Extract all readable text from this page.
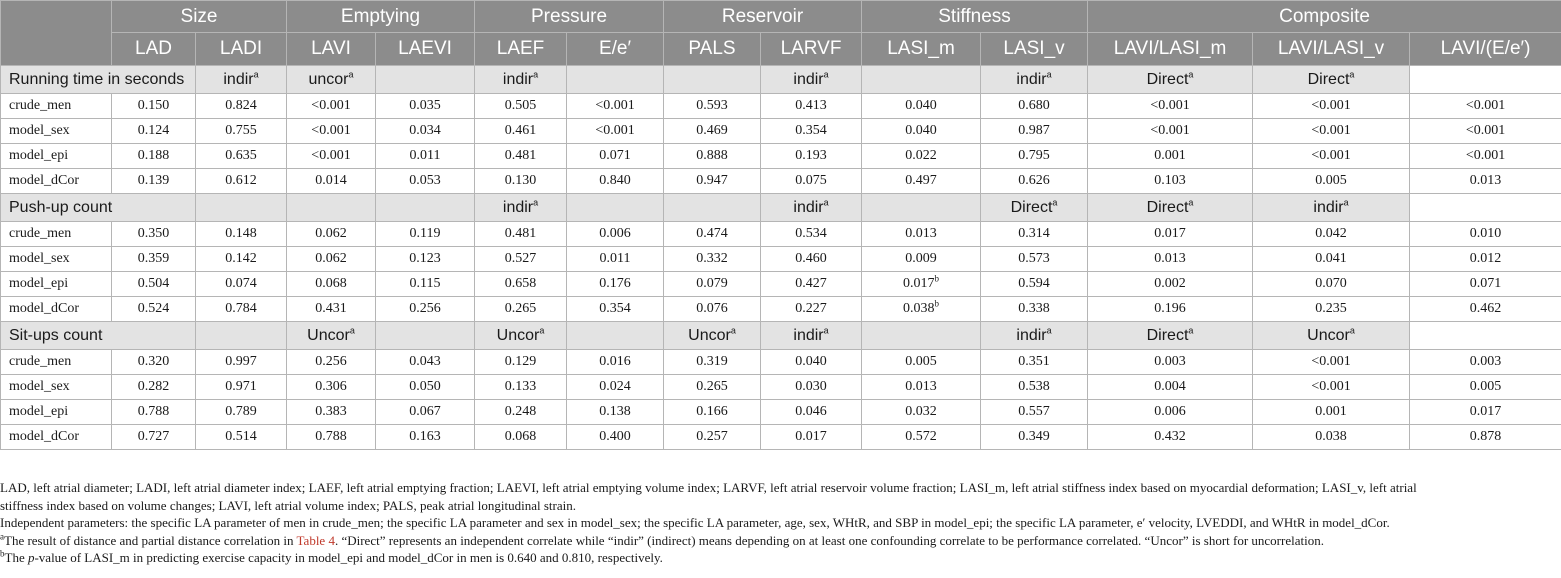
	Size		Emptying		Pressure		Reservoir		Stiffness		Composite		
	LAD	LADI	LAVI	LAEVI	LAEF	E/e′	PALS	LARVF	LASI_m	LASI_v	LAVI/LASI_m	LAVI/LASI_v	LAVI/(E/e′)
Running time in seconds		indir$^a$	uncor$^a$		indir$^a$			indir$^a$		indir$^a$	Direct$^a$	Direct$^a$
crude_men	0.150	0.824	<0.001	0.035	0.505	<0.001	0.593	0.413	0.040	0.680	<0.001	<0.001	<0.001
model_sex	0.124	0.755	<0.001	0.034	0.461	<0.001	0.469	0.354	0.040	0.987	<0.001	<0.001	<0.001
model_epi	0.188	0.635	<0.001	0.011	0.481	0.071	0.888	0.193	0.022	0.795	0.001	<0.001	<0.001
model_dCor	0.139	0.612	0.014	0.053	0.130	0.840	0.947	0.075	0.497	0.626	0.103	0.005	0.013
Push-up count					indir$^a$			indir$^a$		Direct$^a$	Direct$^a$	indir$^a$
crude_men	0.350	0.148	0.062	0.119	0.481	0.006	0.474	0.534	0.013	0.314	0.017	0.042	0.010
model_sex	0.359	0.142	0.062	0.123	0.527	0.011	0.332	0.460	0.009	0.573	0.013	0.041	0.012
model_epi	0.504	0.074	0.068	0.115	0.658	0.176	0.079	0.427	0.017$^b$	0.594	0.002	0.070	0.071
model_dCor	0.524	0.784	0.431	0.256	0.265	0.354	0.076	0.227	0.038$^b$	0.338	0.196	0.235	0.462
Sit-ups count			Uncor$^a$		Uncor$^a$		Uncor$^a$	indir$^a$		indir$^a$	Direct$^a$	Uncor$^a$
crude_men	0.320	0.997	0.256	0.043	0.129	0.016	0.319	0.040	0.005	0.351	0.003	<0.001	0.003
model_sex	0.282	0.971	0.306	0.050	0.133	0.024	0.265	0.030	0.013	0.538	0.004	<0.001	0.005
model_epi	0.788	0.789	0.383	0.067	0.248	0.138	0.166	0.046	0.032	0.557	0.006	0.001	0.017
model_dCor	0.727	0.514	0.788	0.163	0.068	0.400	0.257	0.017	0.572	0.349	0.432	0.038	0.878

LAD, left atrial diameter; LADI, left atrial diameter index; LAEF, left atrial emptying fraction; LAEVI, left atrial emptying volume index; LARVF, left atrial reservoir volume fraction; LASI_m, left atrial stiffness index based on myocardial deformation; LASI_v, left atrial

stiffness index based on volume changes; LAVI, left atrial volume index; PALS, peak atrial longitudinal strain.

Independent parameters: the specific LA parameter of men in crude_men; the specific LA parameter and sex in model_sex; the specific LA parameter, age, sex, WHtR, and SBP in model_epi; the specific LA parameter, e′ velocity, LVEDDI, and WHtR in model_dCor.

$^a$The result of distance and partial distance correlation in Table 4. “Direct” represents an independent correlate while “indir” (indirect) means depending on at least one confounding correlate to be performance correlated. “Uncor” is short for uncorrelation.

$^b$The p-value of LASI_m in predicting exercise capacity in model_epi and model_dCor in men is 0.640 and 0.810, respectively.
